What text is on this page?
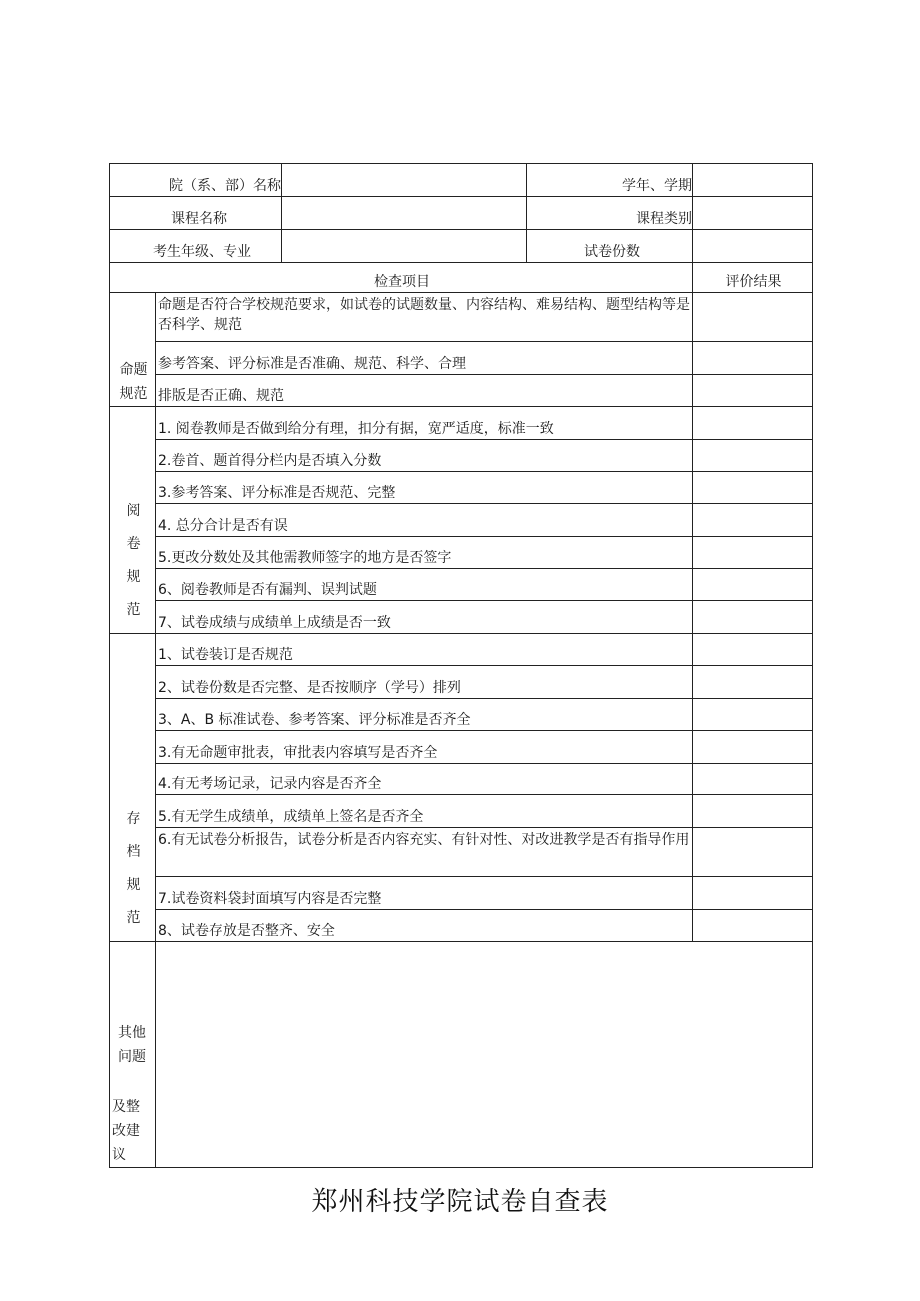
院（系、部）名称			学年、学期	
课程名称			课程类别	
考生年级、专业			试卷份数	
检查项目				评价结果

命题
规范	命题是否符合学校规范要求，如试卷的试题数量、内容结构、难易结构、题型结构等是否科学、规范			
	参考答案、评分标准是否准确、规范、科学、合理			
	排版是否正确、规范			

阅
卷
规
范	1. 阅卷教师是否做到给分有理，扣分有据，宽严适度，标准一致			
	2.卷首、题首得分栏内是否填入分数			
	3.参考答案、评分标准是否规范、完整			
	4. 总分合计是否有误			
	5.更改分数处及其他需教师签字的地方是否签字			
	6、阅卷教师是否有漏判、误判试题			
	7、试卷成绩与成绩单上成绩是否一致			

存
档
规
范	1、试卷装订是否规范			
	2、试卷份数是否完整、是否按顺序（学号）排列			
	3、A、B 标准试卷、参考答案、评分标准是否齐全			
	3.有无命题审批表，审批表内容填写是否齐全			
	4.有无考场记录，记录内容是否齐全			
	5.有无学生成绩单，成绩单上签名是否齐全			
	6.有无试卷分析报告，试卷分析是否内容充实、有针对性、对改进教学是否有指导作用			
	7.试卷资料袋封面填写内容是否完整			
	8、试卷存放是否整齐、安全			

其他
问题
及整
改建
议				

郑州科技学院试卷自查表
